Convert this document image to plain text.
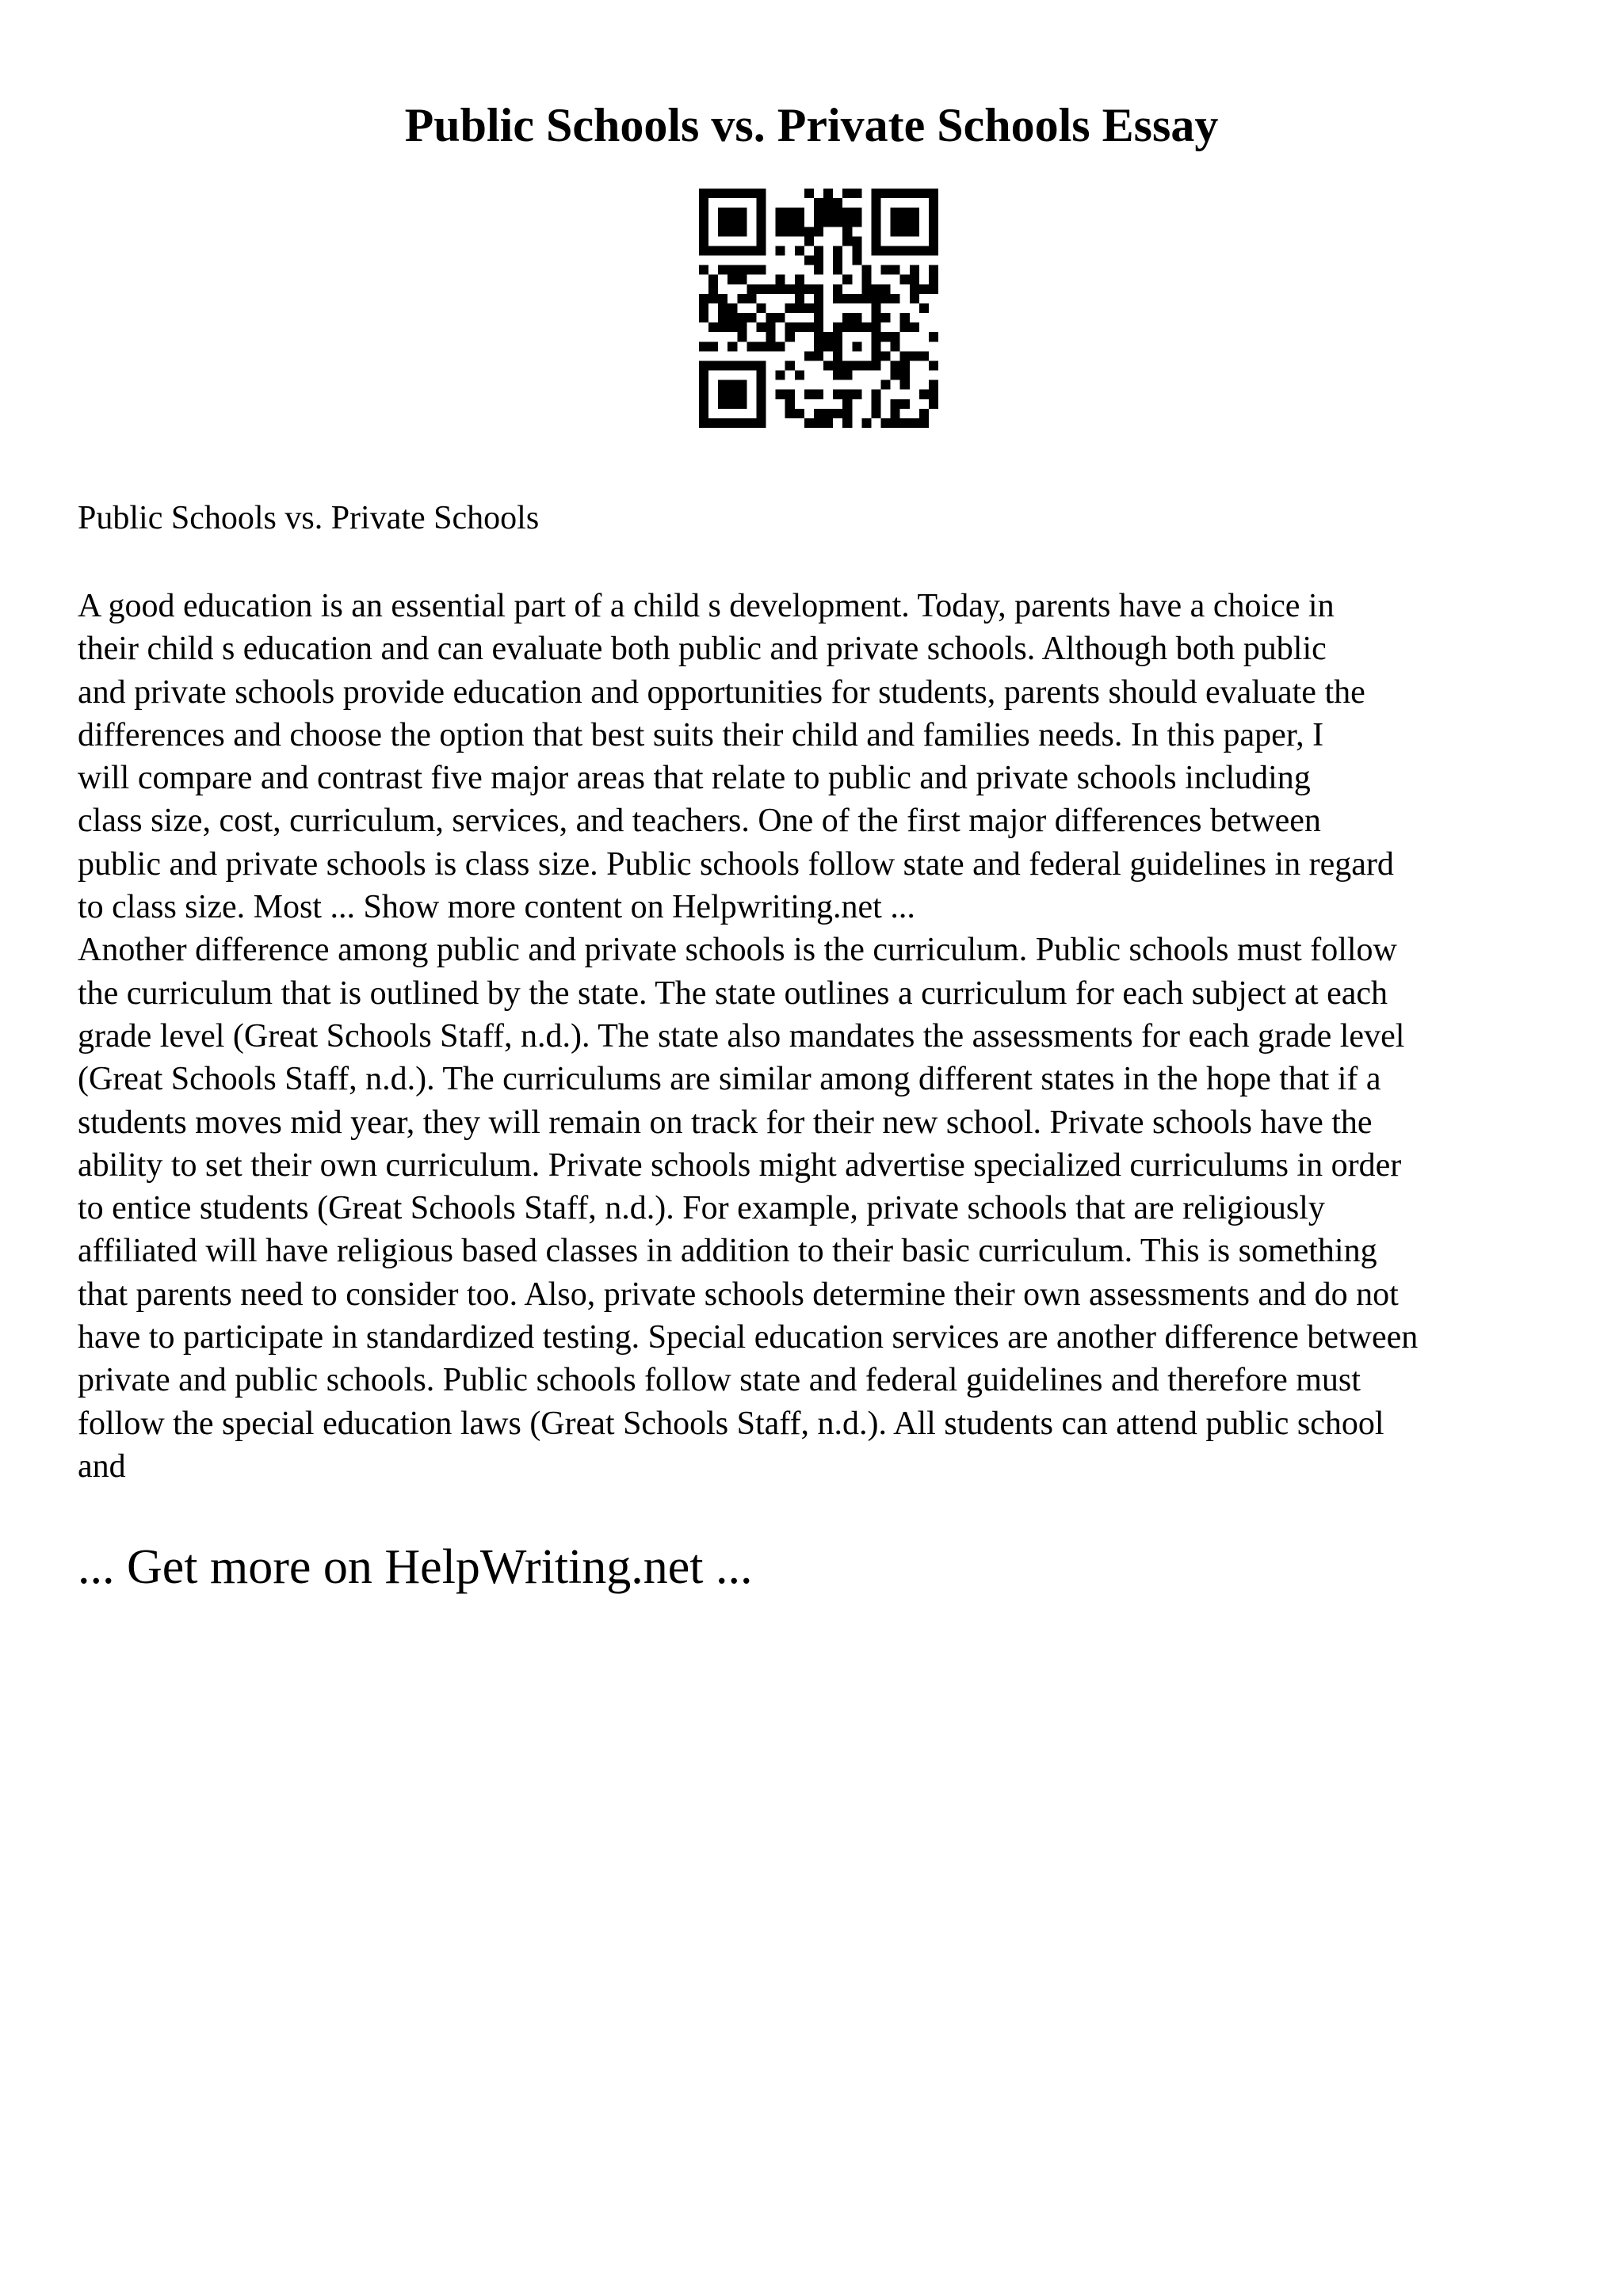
Public Schools vs. Private Schools Essay

Public Schools vs. Private Schools

A good education is an essential part of a child s development. Today, parents have a choice in
their child s education and can evaluate both public and private schools. Although both public
and private schools provide education and opportunities for students, parents should evaluate the
differences and choose the option that best suits their child and families needs. In this paper, I
will compare and contrast five major areas that relate to public and private schools including
class size, cost, curriculum, services, and teachers. One of the first major differences between
public and private schools is class size. Public schools follow state and federal guidelines in regard
to class size. Most ... Show more content on Helpwriting.net ...
Another difference among public and private schools is the curriculum. Public schools must follow
the curriculum that is outlined by the state. The state outlines a curriculum for each subject at each
grade level (Great Schools Staff, n.d.). The state also mandates the assessments for each grade level
(Great Schools Staff, n.d.). The curriculums are similar among different states in the hope that if a
students moves mid year, they will remain on track for their new school. Private schools have the
ability to set their own curriculum. Private schools might advertise specialized curriculums in order
to entice students (Great Schools Staff, n.d.). For example, private schools that are religiously
affiliated will have religious based classes in addition to their basic curriculum. This is something
that parents need to consider too. Also, private schools determine their own assessments and do not
have to participate in standardized testing. Special education services are another difference between
private and public schools. Public schools follow state and federal guidelines and therefore must
follow the special education laws (Great Schools Staff, n.d.). All students can attend public school
and

... Get more on HelpWriting.net ...
